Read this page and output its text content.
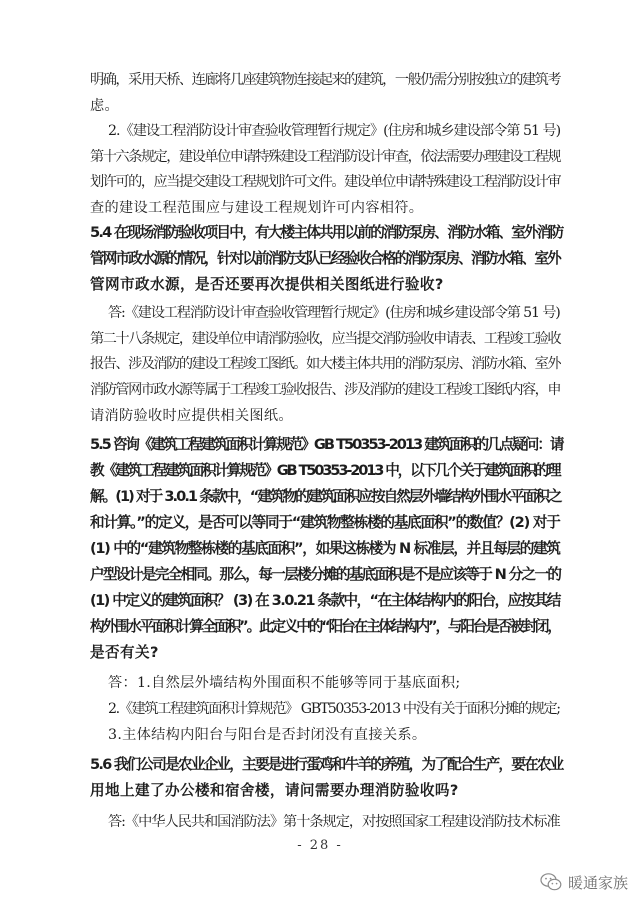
明确，采用天桥、连廊将几座建筑物连接起来的建筑，一般仍需分别按独立的建筑考
虑。
2.《建设工程消防设计审查验收管理暂行规定》(住房和城乡建设部令第 51 号)
第十六条规定，建设单位申请特殊建设工程消防设计审查，依法需要办理建设工程规
划许可的，应当提交建设工程规划许可文件。建设单位申请特殊建设工程消防设计审
查的建设工程范围应与建设工程规划许可内容相符。
5.4 在现场消防验收项目中，有大楼主体共用以前的消防泵房、消防水箱、室外消防
管网市政水源的情况，针对以前消防支队已经验收合格的消防泵房、消防水箱、室外
管网市政水源，是否还要再次提供相关图纸进行验收?
答:《建设工程消防设计审查验收管理暂行规定》(住房和城乡建设部令第 51 号)
第二十八条规定，建设单位申请消防验收，应当提交消防验收申请表、工程竣工验收
报告、涉及消防的建设工程竣工图纸。如大楼主体共用的消防泵房、消防水箱、室外
消防管网市政水源等属于工程竣工验收报告、涉及消防的建设工程竣工图纸内容，申
请消防验收时应提供相关图纸。
5.5 咨询《建筑工程建筑面积计算规范》GB T50353-2013 建筑面积的几点疑问：请
教《建筑工程建筑面积计算规范》GB T50353-2013 中，以下几个关于建筑面积的理
解。(1) 对于 3.0.1 条款中，“建筑物的建筑面积应按自然层外墙结构外围水平面积之
和计算。”的定义，是否可以等同于“建筑物整栋楼的基底面积”的数值？(2) 对于
(1) 中的“建筑物整栋楼的基底面积”，如果这栋楼为 N 标准层，并且每层的建筑
户型设计是完全相同。那么，每一层楼分摊的基底面积是不是应该等于 N 分之一的
(1) 中定义的建筑面积？ (3) 在 3.0.21 条款中，“在主体结构内的阳台，应按其结
构外围水平面积计算全面积”。此定义中的“阳台在主体结构内”，与阳台是否被封闭，
是否有关?
答：1.自然层外墙结构外围面积不能够等同于基底面积;
2.《建筑工程建筑面积计算规范》 GBT50353-2013 中没有关于面积分摊的规定;
3.主体结构内阳台与阳台是否封闭没有直接关系。
5.6 我们公司是农业企业，主要是进行蛋鸡和牛羊的养殖，为了配合生产，要在农业
用地上建了办公楼和宿舍楼，请问需要办理消防验收吗?
答:《中华人民共和国消防法》第十条规定，对按照国家工程建设消防技术标准
- 28 -
暖通家族
